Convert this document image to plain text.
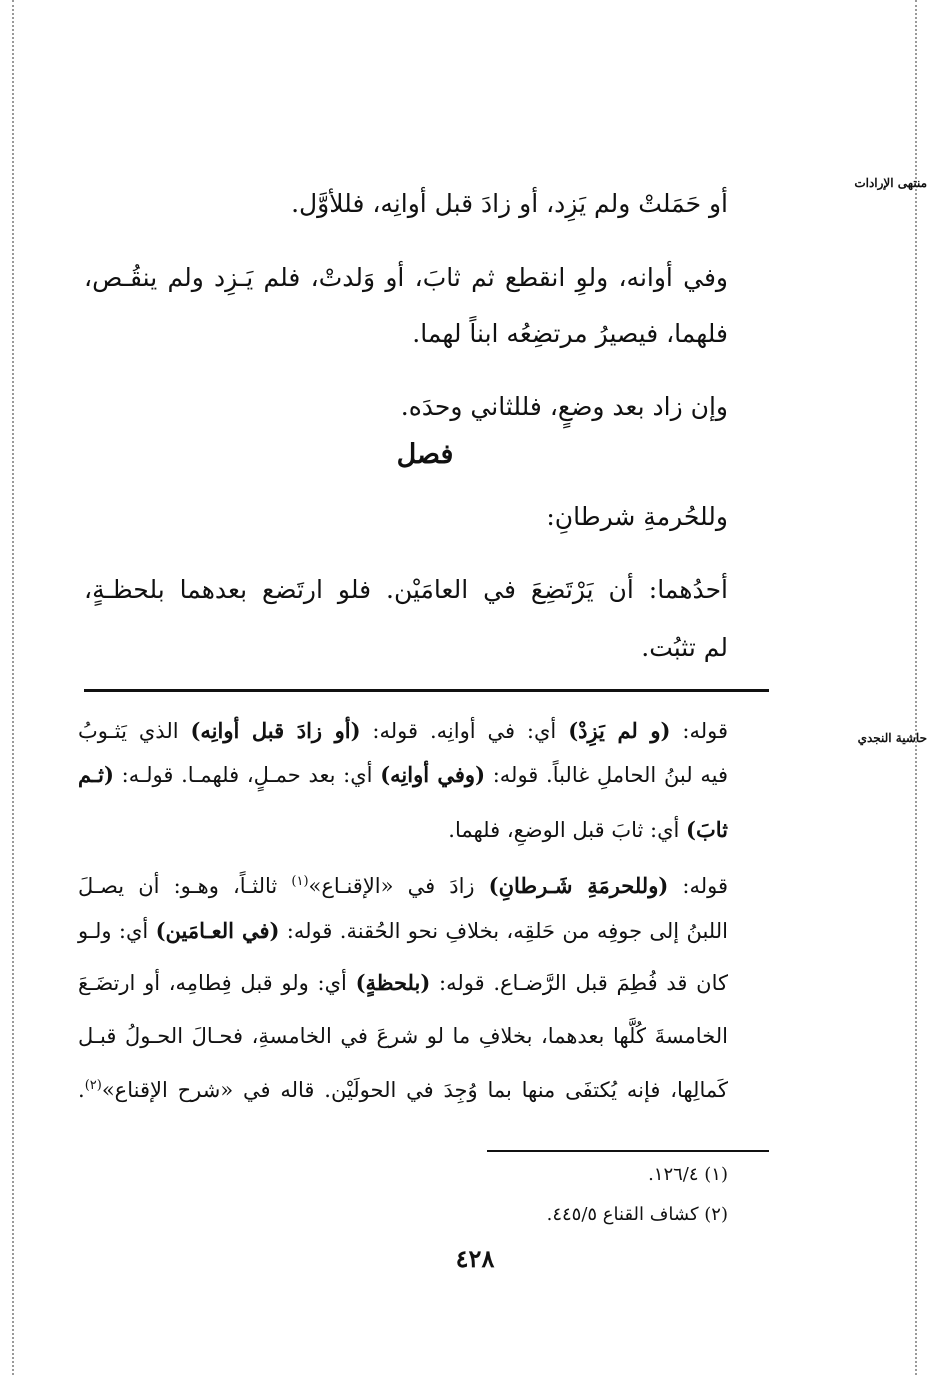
منتهى الإرادات
حاشية النجدي
أو حَمَلتْ ولم يَزِد، أو زادَ قبل أوانِه، فللأوَّل.
وفي أوانه، ولوِ انقطع ثم ثابَ، أو وَلدتْ، فلم يَـزِد ولم ينقُـص،
فلهما، فيصيرُ مرتضِعُه ابناً لهما.
وإن زاد بعد وضعٍ، فللثاني وحدَه.
فصل
وللحُرمةِ شرطانِ:
أحدُهما: أن يَرْتَضِعَ في العامَيْن. فلو ارتَضع بعدهما بلحظـةٍ،
لم تثبُت.
قوله: (و لم يَزِدْ) أي: في أوانِه. قوله: (أو زادَ قبل أوانِه) الذي يَثـوبُ
فيه لبنُ الحاملِ غالباً. قوله: (وفي أوانِه) أي: بعد حمـلٍ، فلهمـا. قولـه: (ثـم
ثابَ) أي: ثابَ قبل الوضعِ، فلهما.
قوله: (وللحرمَةِ شَـرطانِ) زادَ في «الإقنـاع»$^{(١)}$ ثالثـاً، وهـو: أن يصـلَ
اللبنُ إلى جوفِه من حَلقِه، بخلافِ نحو الحُقنة. قوله: (في العـامَين) أي: ولـو
كان قد فُطِمَ قبل الرَّضـاع. قوله: (بلحظةٍ) أي: ولو قبل فِطامِه، أو ارتضَـعَ
الخامسةَ كُلَّها بعدهما، بخلافِ ما لو شرعَ في الخامسةِ، فحـالَ الحـولُ قبـل
كَمالِها، فإنه يُكتفَى منها بما وُجِدَ في الحولَيْن. قاله في «شرح الإقناع»$^{(٢)}$.
(١) ١٢٦/٤.
(٢) كشاف القناع ٤٤٥/٥.
٤٢٨
